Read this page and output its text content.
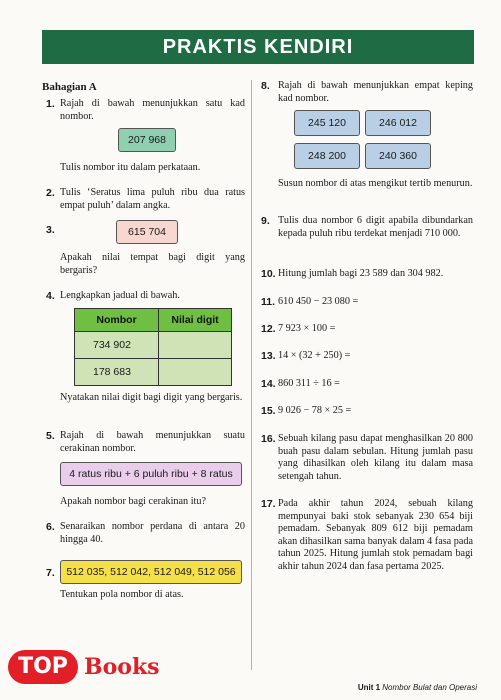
PRAKTIS KENDIRI
Bahagian A
1. Rajah di bawah menunjukkan satu kad nombor.
207 968
Tulis nombor itu dalam perkataan.
2. Tulis ‘Seratus lima puluh ribu dua ratus empat puluh’ dalam angka.
3.	615 704
Apakah nilai tempat bagi digit yang bergaris?
4. Lengkapkan jadual di bawah.
Nombor	Nilai digit
734 902	
178 683	
Nyatakan nilai digit bagi digit yang bergaris.
5. Rajah di bawah menunjukkan suatu cerakinan nombor.
4 ratus ribu + 6 puluh ribu + 8 ratus
Apakah nombor bagi cerakinan itu?
6. Senaraikan nombor perdana di antara 20 hingga 40.
7.	512 035, 512 042, 512 049, 512 056
Tentukan pola nombor di atas.
8. Rajah di bawah menunjukkan empat keping kad nombor.
245 120	246 012
248 200	240 360
Susun nombor di atas mengikut tertib menurun.
9. Tulis dua nombor 6 digit apabila dibundarkan kepada puluh ribu terdekat menjadi 710 000.
10. Hitung jumlah bagi 23 589 dan 304 982.
11. 610 450 − 23 080 =
12. 7 923 × 100 =
13. 14 × (32 + 250) =
14. 860 311 ÷ 16 =
15. 9 026 − 78 × 25 =
16. Sebuah kilang pasu dapat menghasilkan 20 800 buah pasu dalam sebulan. Hitung jumlah pasu yang dihasilkan oleh kilang itu dalam masa setengah tahun.
17. Pada akhir tahun 2024, sebuah kilang mempunyai baki stok sebanyak 230 654 biji pemadam. Sebanyak 809 612 biji pemadam akan dihasilkan sama banyak dalam 4 fasa pada tahun 2025. Hitung jumlah stok pemadam bagi akhir tahun 2024 dan fasa pertama 2025.
TOP Books
Unit 1 Nombor Bulat dan Operasi
